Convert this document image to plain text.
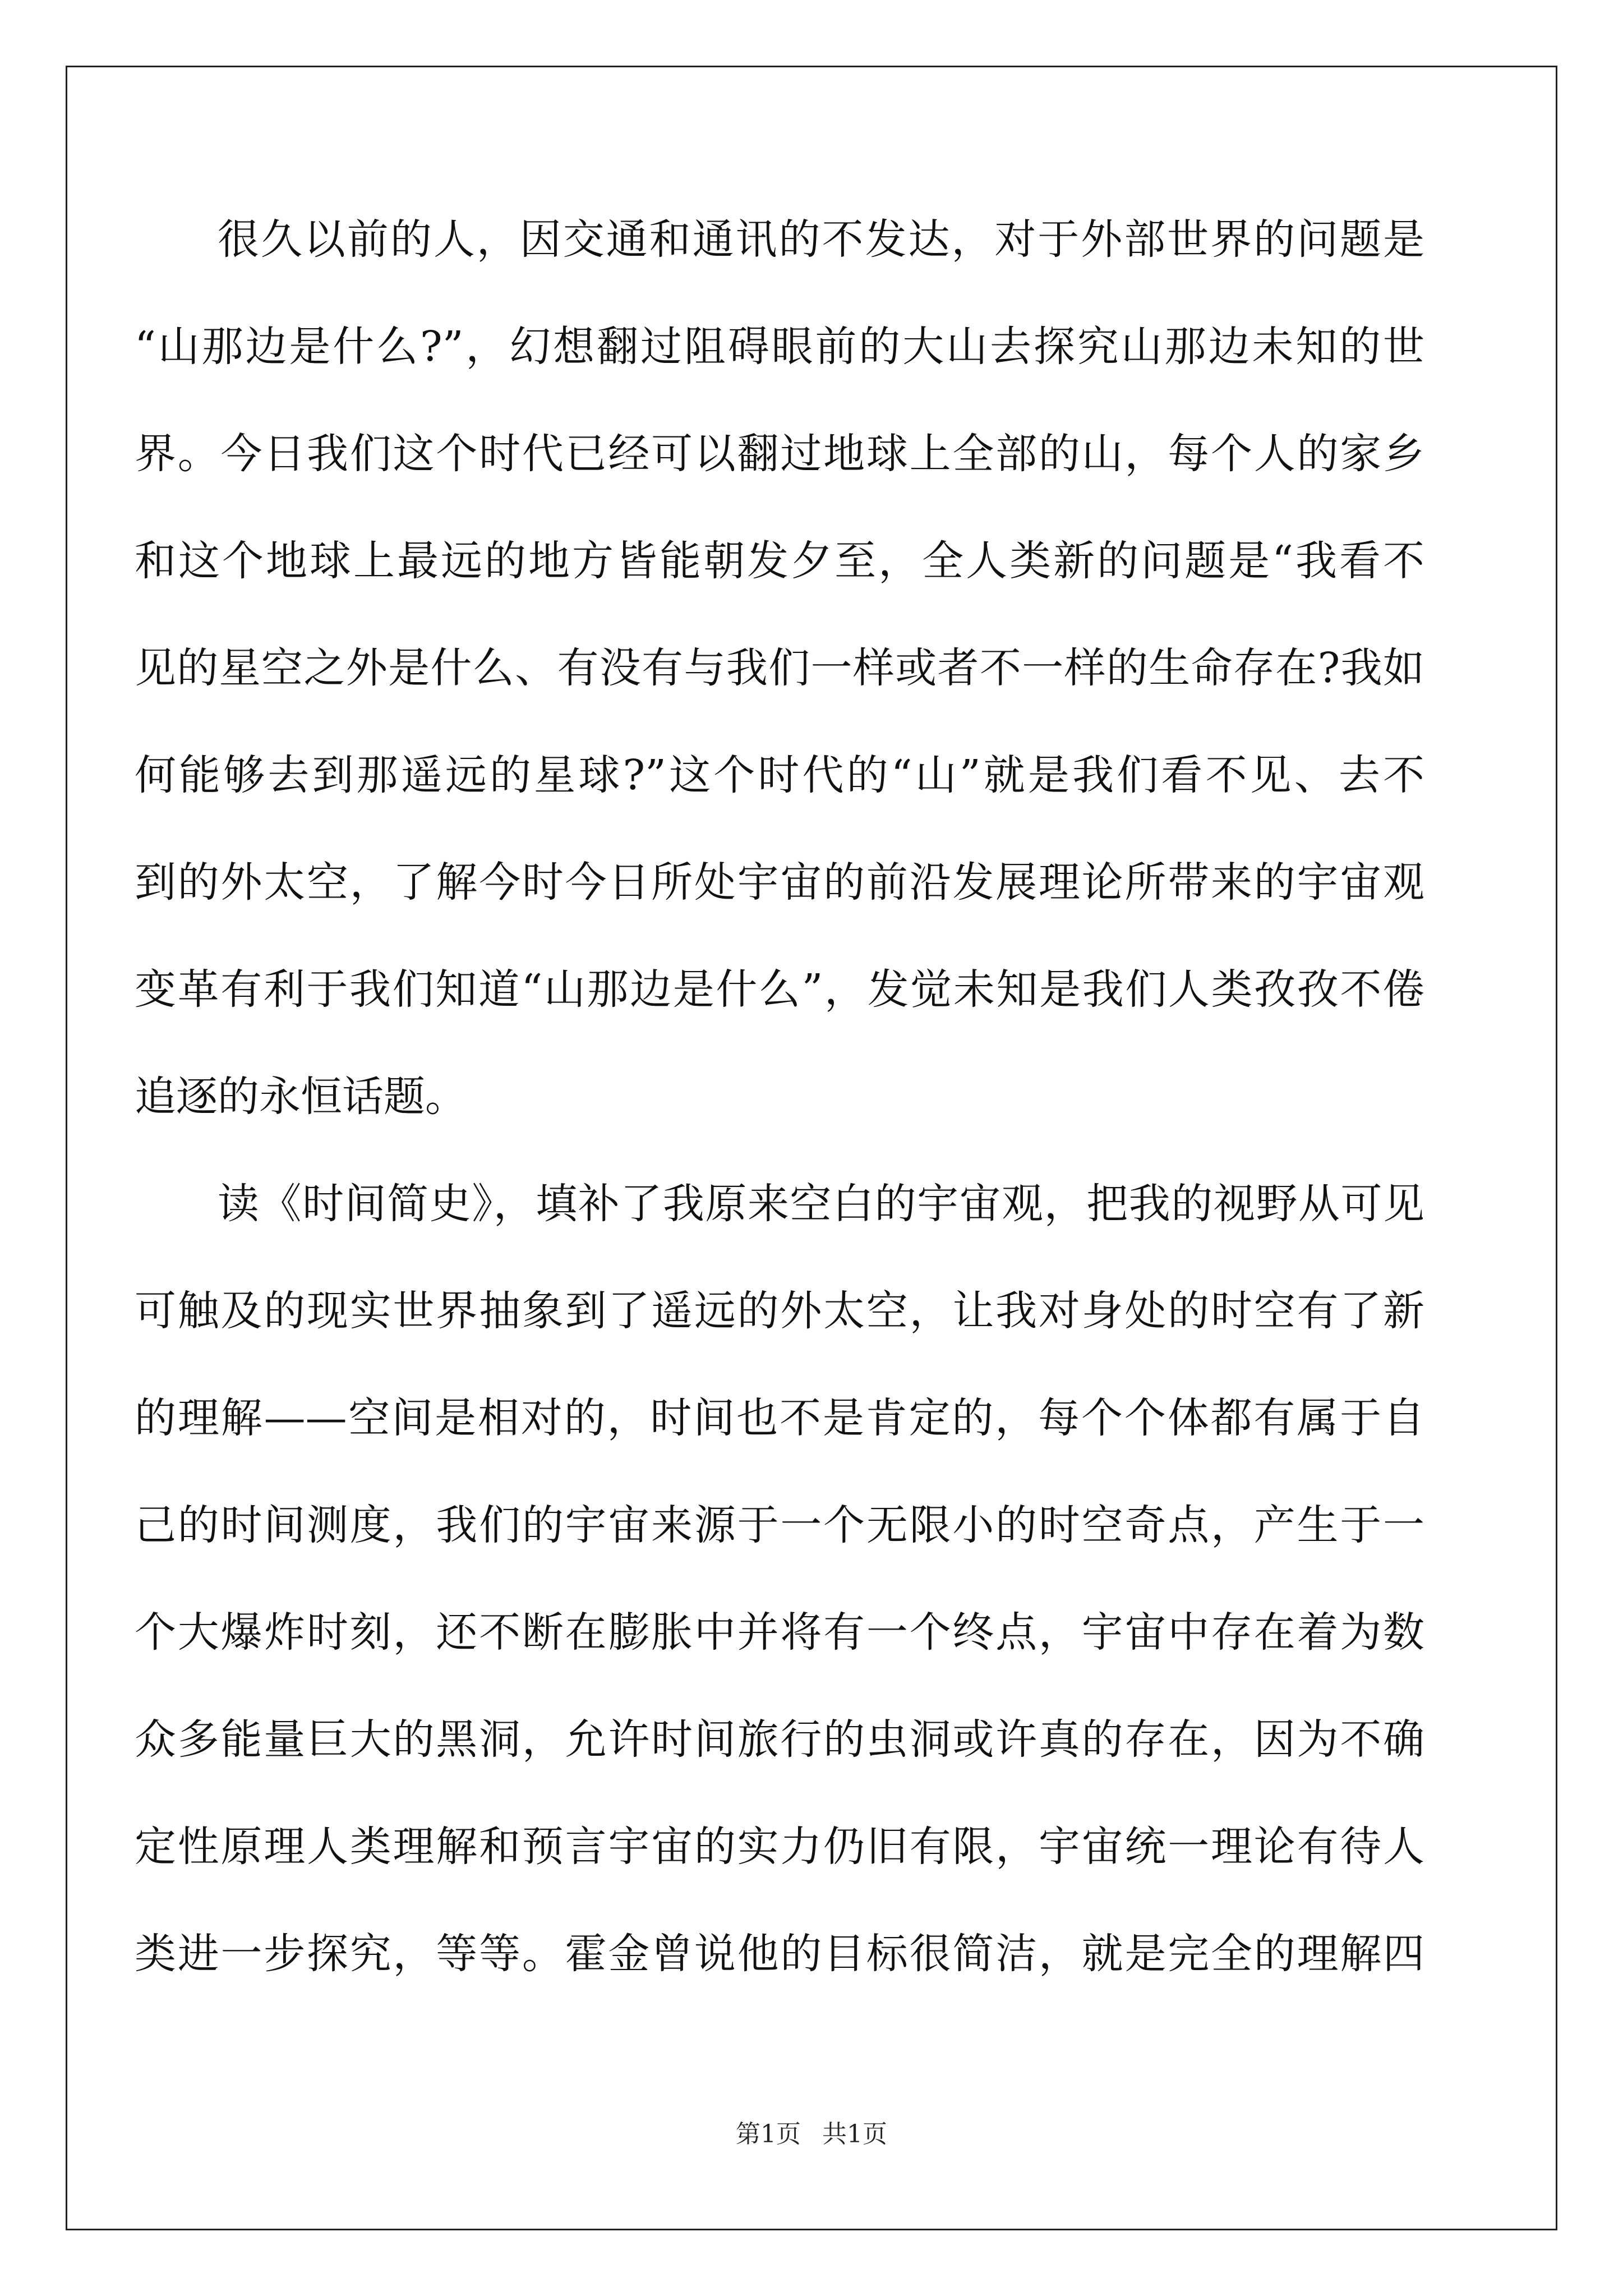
很久以前的人，因交通和通讯的不发达，对于外部世界的问题是
“山那边是什么?”，幻想翻过阻碍眼前的大山去探究山那边未知的世
界。今日我们这个时代已经可以翻过地球上全部的山，每个人的家乡
和这个地球上最远的地方皆能朝发夕至，全人类新的问题是“我看不
见的星空之外是什么、有没有与我们一样或者不一样的生命存在?我如
何能够去到那遥远的星球?”这个时代的“山”就是我们看不见、去不
到的外太空，了解今时今日所处宇宙的前沿发展理论所带来的宇宙观
变革有利于我们知道“山那边是什么”，发觉未知是我们人类孜孜不倦
追逐的永恒话题。
读《时间简史》，填补了我原来空白的宇宙观，把我的视野从可见
可触及的现实世界抽象到了遥远的外太空，让我对身处的时空有了新
的理解——空间是相对的，时间也不是肯定的，每个个体都有属于自
己的时间测度，我们的宇宙来源于一个无限小的时空奇点，产生于一
个大爆炸时刻，还不断在膨胀中并将有一个终点，宇宙中存在着为数
众多能量巨大的黑洞，允许时间旅行的虫洞或许真的存在，因为不确
定性原理人类理解和预言宇宙的实力仍旧有限，宇宙统一理论有待人
类进一步探究，等等。霍金曾说他的目标很简洁，就是完全的理解四
第1页 共1页
